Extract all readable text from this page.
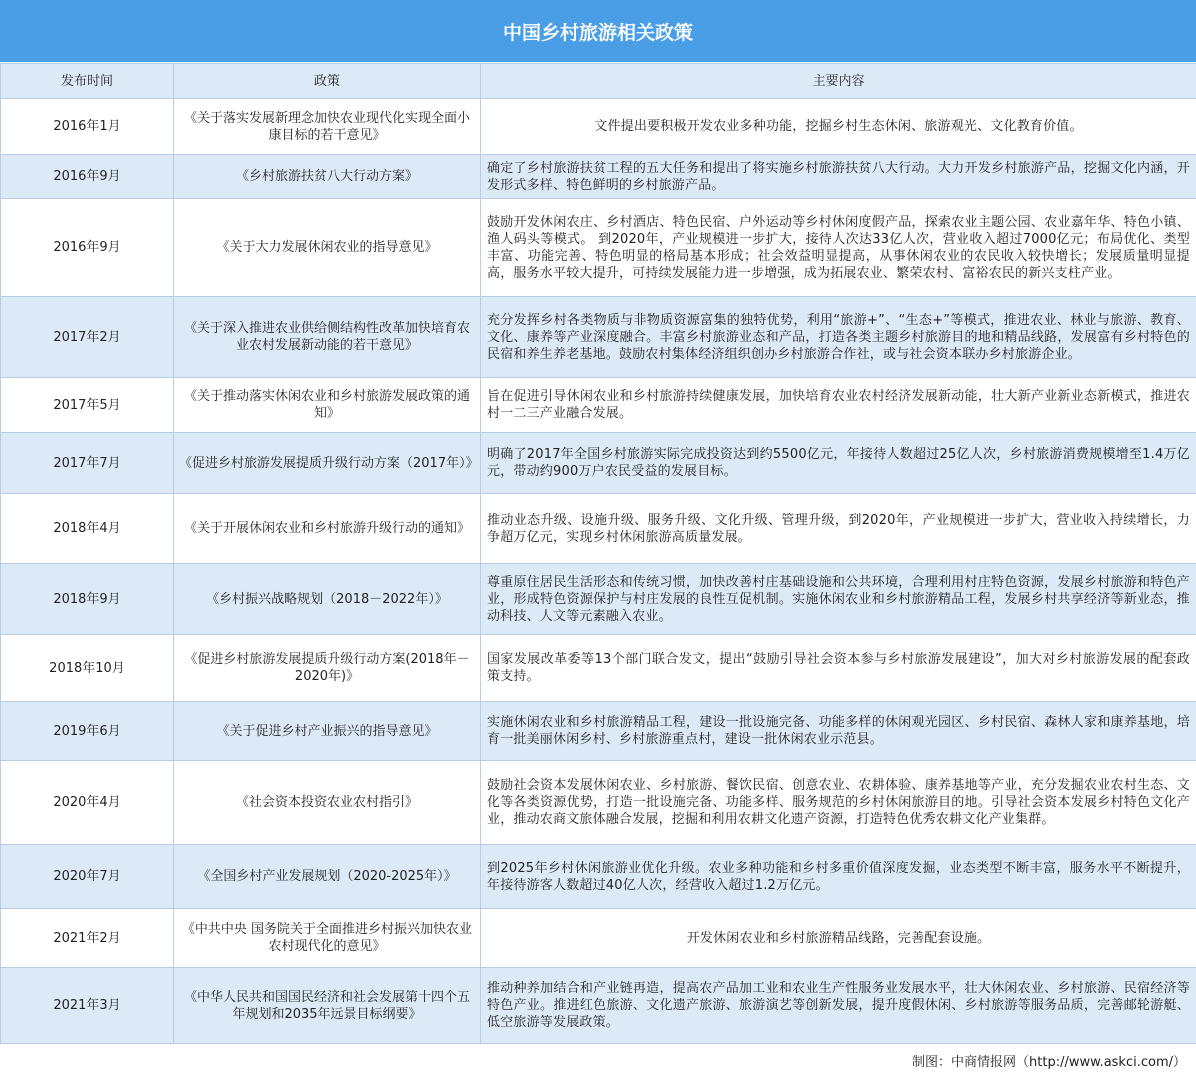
中国乡村旅游相关政策
发布时间	政策	主要内容
2016年1月	《关于落实发展新理念加快农业现代化实现全面小康目标的若干意见》	文件提出要积极开发农业多种功能，挖掘乡村生态休闲、旅游观光、文化教育价值。
2016年9月	《乡村旅游扶贫八大行动方案》	确定了乡村旅游扶贫工程的五大任务和提出了将实施乡村旅游扶贫八大行动。大力开发乡村旅游产品，挖掘文化内涵，开发形式多样、特色鲜明的乡村旅游产品。
2016年9月	《关于大力发展休闲农业的指导意见》	鼓励开发休闲农庄、乡村酒店、特色民宿、户外运动等乡村休闲度假产品，探索农业主题公园、农业嘉年华、特色小镇、渔人码头等模式。 到2020年，产业规模进一步扩大，接待人次达33亿人次，营业收入超过7000亿元；布局优化、类型丰富、功能完善、特色明显的格局基本形成；社会效益明显提高，从事休闲农业的农民收入较快增长；发展质量明显提高，服务水平较大提升，可持续发展能力进一步增强，成为拓展农业、繁荣农村、富裕农民的新兴支柱产业。
2017年2月	《关于深入推进农业供给侧结构性改革加快培育农业农村发展新动能的若干意见》	充分发挥乡村各类物质与非物质资源富集的独特优势，利用“旅游+”、“生态+”等模式，推进农业、林业与旅游、教育、文化、康养等产业深度融合。丰富乡村旅游业态和产品，打造各类主题乡村旅游目的地和精品线路，发展富有乡村特色的民宿和养生养老基地。鼓励农村集体经济组织创办乡村旅游合作社，或与社会资本联办乡村旅游企业。
2017年5月	《关于推动落实休闲农业和乡村旅游发展政策的通知》	旨在促进引导休闲农业和乡村旅游持续健康发展，加快培育农业农村经济发展新动能，壮大新产业新业态新模式，推进农村一二三产业融合发展。
2017年7月	《促进乡村旅游发展提质升级行动方案（2017年）》	明确了2017年全国乡村旅游实际完成投资达到约5500亿元，年接待人数超过25亿人次，乡村旅游消费规模增至1.4万亿元，带动约900万户农民受益的发展目标。
2018年4月	《关于开展休闲农业和乡村旅游升级行动的通知》	推动业态升级、设施升级、服务升级、文化升级、管理升级，到2020年，产业规模进一步扩大，营业收入持续增长，力争超万亿元，实现乡村休闲旅游高质量发展。
2018年9月	《乡村振兴战略规划（2018－2022年）》	尊重原住居民生活形态和传统习惯，加快改善村庄基础设施和公共环境，合理利用村庄特色资源，发展乡村旅游和特色产业，形成特色资源保护与村庄发展的良性互促机制。实施休闲农业和乡村旅游精品工程，发展乡村共享经济等新业态，推动科技、人文等元素融入农业。
2018年10月	《促进乡村旅游发展提质升级行动方案(2018年－2020年)》	国家发展改革委等13个部门联合发文，提出“鼓励引导社会资本参与乡村旅游发展建设”，加大对乡村旅游发展的配套政策支持。
2019年6月	《关于促进乡村产业振兴的指导意见》	实施休闲农业和乡村旅游精品工程，建设一批设施完备、功能多样的休闲观光园区、乡村民宿、森林人家和康养基地，培育一批美丽休闲乡村、乡村旅游重点村，建设一批休闲农业示范县。
2020年4月	《社会资本投资农业农村指引》	鼓励社会资本发展休闲农业、乡村旅游、餐饮民宿、创意农业、农耕体验、康养基地等产业，充分发掘农业农村生态、文化等各类资源优势，打造一批设施完备、功能多样、服务规范的乡村休闲旅游目的地。引导社会资本发展乡村特色文化产业，推动农商文旅体融合发展，挖掘和利用农耕文化遗产资源，打造特色优秀农耕文化产业集群。
2020年7月	《全国乡村产业发展规划（2020-2025年）》	到2025年乡村休闲旅游业优化升级。农业多种功能和乡村多重价值深度发掘，业态类型不断丰富，服务水平不断提升，年接待游客人数超过40亿人次，经营收入超过1.2万亿元。
2021年2月	《中共中央 国务院关于全面推进乡村振兴加快农业农村现代化的意见》	开发休闲农业和乡村旅游精品线路，完善配套设施。
2021年3月	《中华人民共和国国民经济和社会发展第十四个五年规划和2035年远景目标纲要》	推动种养加结合和产业链再造，提高农产品加工业和农业生产性服务业发展水平，壮大休闲农业、乡村旅游、民宿经济等特色产业。推进红色旅游、文化遗产旅游、旅游演艺等创新发展，提升度假休闲、乡村旅游等服务品质，完善邮轮游艇、低空旅游等发展政策。
制图：中商情报网（http://www.askci.com/）
